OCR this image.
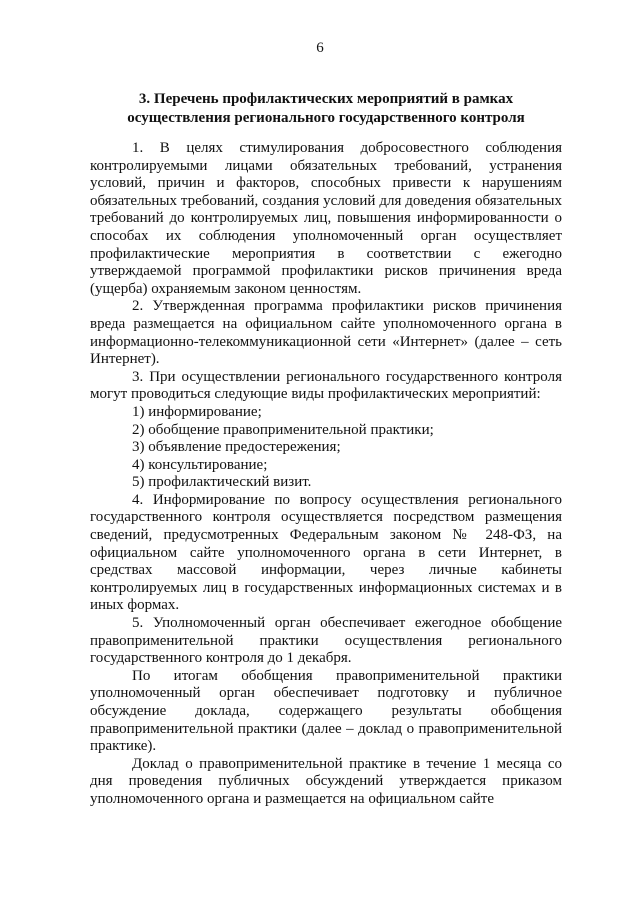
6
3. Перечень профилактических мероприятий в рамках
осуществления регионального государственного контроля
1. В целях стимулирования добросовестного соблюдения контролируемыми лицами обязательных требований, устранения условий, причин и факторов, способных привести к нарушениям обязательных требований, создания условий для доведения обязательных требований до контролируемых лиц, повышения информированности о способах их соблюдения уполномоченный орган осуществляет профилактические мероприятия в соответствии с ежегодно утверждаемой программой профилактики рисков причинения вреда (ущерба) охраняемым законом ценностям.
2. Утвержденная программа профилактики рисков причинения вреда размещается на официальном сайте уполномоченного органа в информационно-телекоммуникационной сети «Интернет» (далее – сеть Интернет).
3. При осуществлении регионального государственного контроля могут проводиться следующие виды профилактических мероприятий:
1) информирование;
2) обобщение правоприменительной практики;
3) объявление предостережения;
4) консультирование;
5) профилактический визит.
4. Информирование по вопросу осуществления регионального государственного контроля осуществляется посредством размещения сведений, предусмотренных Федеральным законом № 248-ФЗ, на официальном сайте уполномоченного органа в сети Интернет, в средствах массовой информации, через личные кабинеты контролируемых лиц в государственных информационных системах и в иных формах.
5. Уполномоченный орган обеспечивает ежегодное обобщение правоприменительной практики осуществления регионального государственного контроля до 1 декабря.
По итогам обобщения правоприменительной практики уполномоченный орган обеспечивает подготовку и публичное обсуждение доклада, содержащего результаты обобщения правоприменительной практики (далее – доклад о правоприменительной практике).
Доклад о правоприменительной практике в течение 1 месяца со дня проведения публичных обсуждений утверждается приказом уполномоченного органа и размещается на официальном сайте
